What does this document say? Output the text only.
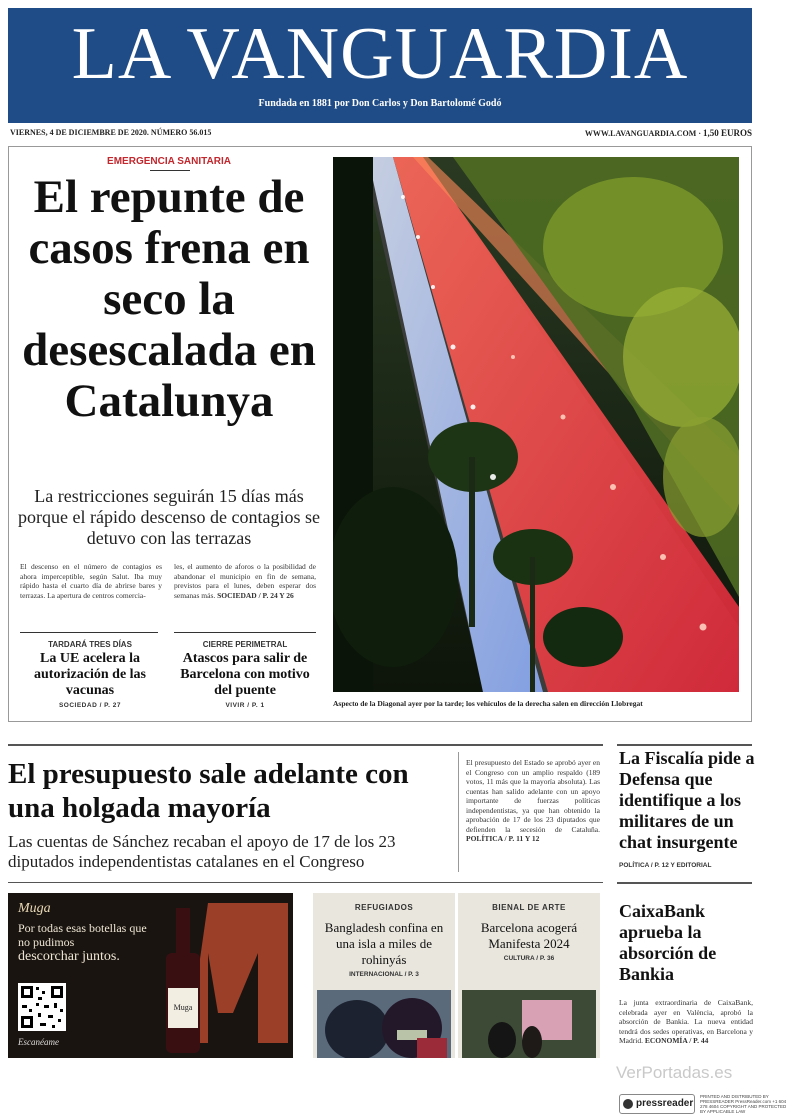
LA VANGUARDIA
Fundada en 1881 por Don Carlos y Don Bartolomé Godó
VIERNES, 4 DE DICIEMBRE DE 2020. NÚMERO 56.015	WWW.LAVANGUARDIA.COM · 1,50 EUROS
EMERGENCIA SANITARIA
El repunte de casos frena en seco la desescalada en Catalunya
La restricciones seguirán 15 días más porque el rápido descenso de contagios se detuvo con las terrazas
El descenso en el número de contagios es ahora imperceptible, según Salut. Iba muy rápido hasta el cuarto día de abrirse bares y terrazas. La apertura de centros comercia-
les, el aumento de aforos o la posibilidad de abandonar el municipio en fin de semana, previstos para el lunes, deben esperar dos semanas más. SOCIEDAD / P. 24 Y 26
TARDARÁ TRES DÍAS
La UE acelera la autorización de las vacunas
SOCIEDAD / P. 27
CIERRE PERIMETRAL
Atascos para salir de Barcelona con motivo del puente
VIVIR / P. 1	Aspecto de la Diagonal ayer por la tarde; los vehículos de la derecha salen en dirección Llobregat
El presupuesto sale adelante con una holgada mayoría
Las cuentas de Sánchez recaban el apoyo de 17 de los 23 diputados independentistas catalanes en el Congreso
El presupuesto del Estado se aprobó ayer en el Congreso con un amplio respaldo (189 votos, 11 más que la mayoría absoluta). Las cuentas han salido adelante con un apoyo importante de fuerzas políticas independentistas, ya que han obtenido la aprobación de 17 de los 23 diputados que defienden la secesión de Cataluña. POLÍTICA / P. 11 Y 12
La Fiscalía pide a Defensa que identifique a los militares de un chat insurgente
POLÍTICA / P. 12 Y EDITORIAL
Muga
Por todas esas botellas que no pudimos
descorchar juntos.
Escanéame
Muga
REFUGIADOS
Bangladesh confina en una isla a miles de rohinyás
INTERNACIONAL / P. 3
BIENAL DE ARTE
Barcelona acogerá Manifesta 2024
CULTURA / P. 36
CaixaBank aprueba la absorción de Bankia
La junta extraordinaria de CaixaBank, celebrada ayer en València, aprobó la absorción de Bankia. La nueva entidad tendrá dos sedes operativas, en Barcelona y Madrid. ECONOMÍA / P. 44
VerPortadas.es
pressreader
PRINTED AND DISTRIBUTED BY PRESSREADER PressReader.com +1 604 278 4604 COPYRIGHT AND PROTECTED BY APPLICABLE LAW
